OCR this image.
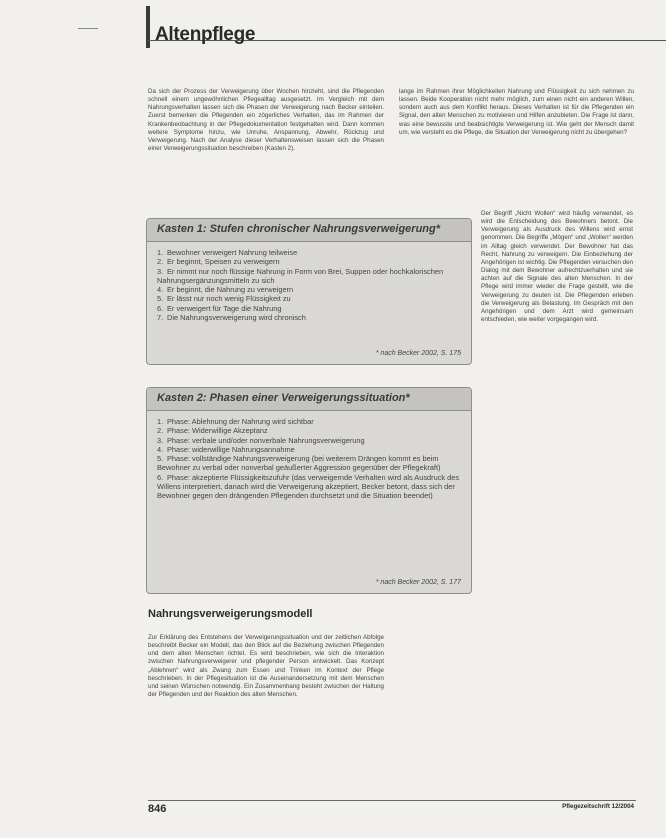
Altenpflege

Da sich der Prozess der Verweigerung über Wochen hinzieht, sind die Pflegenden schnell einem ungewöhnlichen Pflegealltag ausgesetzt. Im Vergleich mit dem Nahrungsverhalten lassen sich die Phasen der Verweigerung nach Becker einteilen. Zuerst bemerken die Pflegenden ein zögerliches Verhalten, das im Rahmen der Krankenbeobachtung in der Pflegedokumentation festgehalten wird. Dann kommen weitere Symptome hinzu, wie Unruhe, Anspannung, Abwehr, Rückzug und Verweigerung. Nach der Analyse dieser Verhaltensweisen lassen sich die Phasen einer Verweigerungssituation beschreiben (Kasten 2).

lange im Rahmen ihrer Möglichkeiten Nahrung und Flüssigkeit zu sich nehmen zu lassen. Beide Kooperation nicht mehr möglich, zum einen nicht ein anderen Willen, sondern auch aus dem Konflikt heraus. Dieses Verhalten ist für die Pflegenden ein Signal, den alten Menschen zu motivieren und Hilfen anzubieten. Die Frage ist dann, was eine bewusste und beabsichtigte Verweigerung ist. Wie geht der Mensch damit um, wie versteht es die Pflege, die Situation der Verweigerung nicht zu übergehen?

Der Begriff „Nicht Wollen“ wird häufig verwendet, es wird die Entscheidung des Bewohners betont. Die Verweigerung als Ausdruck des Willens wird ernst genommen. Die Begriffe „Mögen“ und „Wollen“ werden im Alltag gleich verwendet. Der Bewohner hat das Recht, Nahrung zu verweigern. Die Einbeziehung der Angehörigen ist wichtig. Die Pflegenden versuchen den Dialog mit dem Bewohner aufrechtzuerhalten und sie achten auf die Signale des alten Menschen. In der Pflege wird immer wieder die Frage gestellt, wie die Verweigerung zu deuten ist. Die Pflegenden erleben die Verweigerung als Belastung. Im Gespräch mit den Angehörigen und dem Arzt wird gemeinsam entschieden, wie weiter vorgegangen wird.

Kasten 1: Stufen chronischer Nahrungsverweigerung*
1. Bewohner verweigert Nahrung teilweise
2. Er beginnt, Speisen zu verweigern
3. Er nimmt nur noch flüssige Nahrung in Form von Brei, Suppen oder hochkalorischen Nahrungsergänzungsmitteln zu sich
4. Er beginnt, die Nahrung zu verweigern
5. Er lässt nur noch wenig Flüssigkeit zu
6. Er verweigert für Tage die Nahrung
7. Die Nahrungsverweigerung wird chronisch
* nach Becker 2002, S. 175
Kasten 2: Phasen einer Verweigerungssituation*
1. Phase: Ablehnung der Nahrung wird sichtbar
2. Phase: Widerwillige Akzeptanz
3. Phase: verbale und/oder nonverbale Nahrungsverweigerung
4. Phase: widerwillige Nahrungsannahme
5. Phase: vollständige Nahrungsverweigerung (bei weiterem Drängen kommt es beim Bewohner zu verbal oder nonverbal geäußerter Aggression gegenüber der Pflegekraft)
6. Phase: akzeptierte Flüssigkeitszufuhr (das verweigernde Verhalten wird als Ausdruck des Willens interpretiert, danach wird die Verweigerung akzeptiert, Becker betont, dass sich der Bewohner gegen den drängenden Pflegenden durchsetzt und die Situation beendet)
* nach Becker 2002, S. 177
Nahrungsverweigerungsmodell

Zur Erklärung des Entstehens der Verweigerungssituation und der zeitlichen Abfolge beschreibt Becker ein Modell, das den Blick auf die Beziehung zwischen Pflegenden und dem alten Menschen richtet. Es wird beschrieben, wie sich die Interaktion zwischen Nahrungsverweigerer und pflegender Person entwickelt. Das Konzept „Ablehnen“ wird als Zwang zum Essen und Trinken im Kontext der Pflege beschrieben. In der Pflegesituation ist die Auseinandersetzung mit dem Menschen und seinen Wünschen notwendig. Ein Zusammenhang besteht zwischen der Haltung der Pflegenden und der Reaktion des alten Menschen.

846	Pflegezeitschrift 12/2004
